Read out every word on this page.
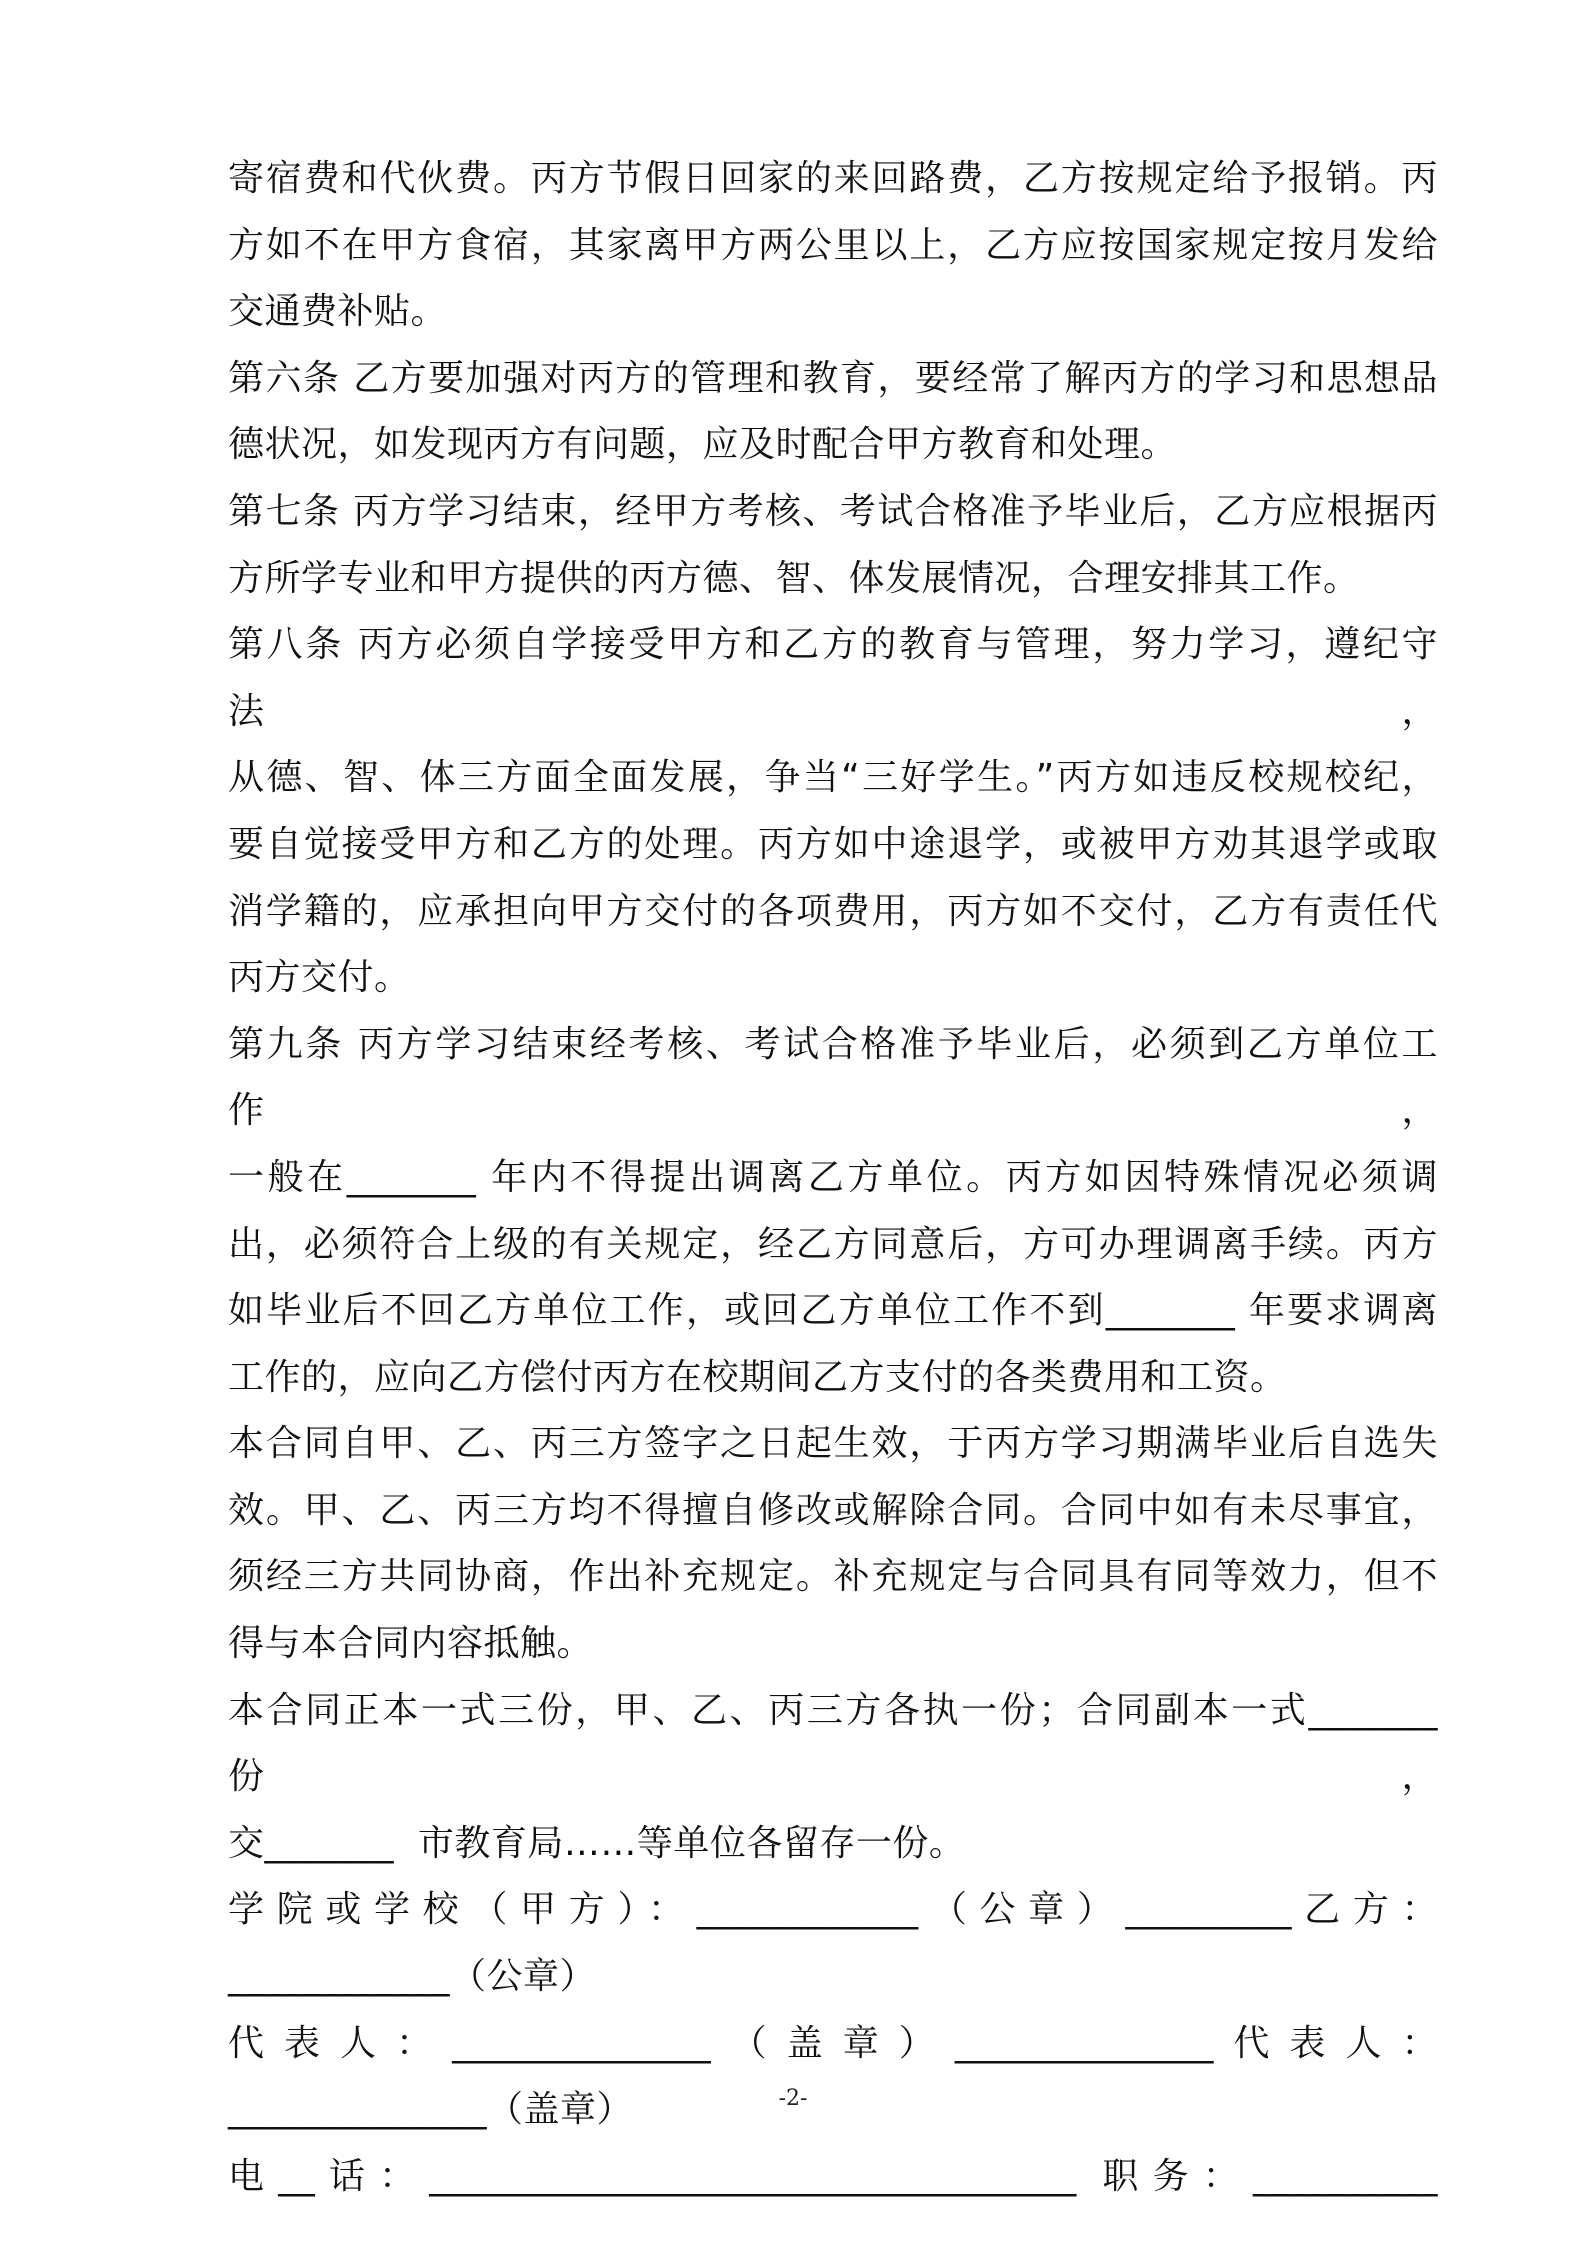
寄宿费和代伙费。丙方节假日回家的来回路费，乙方按规定给予报销。丙
方如不在甲方食宿，其家离甲方两公里以上，乙方应按国家规定按月发给
交通费补贴。

第六条 乙方要加强对丙方的管理和教育，要经常了解丙方的学习和思想品
德状况，如发现丙方有问题，应及时配合甲方教育和处理。

第七条 丙方学习结束，经甲方考核、考试合格准予毕业后，乙方应根据丙
方所学专业和甲方提供的丙方德、智、体发展情况，合理安排其工作。

第八条 丙方必须自学接受甲方和乙方的教育与管理，努力学习，遵纪守法，
从德、智、体三方面全面发展，争当“三好学生。”丙方如违反校规校纪，
要自觉接受甲方和乙方的处理。丙方如中途退学，或被甲方劝其退学或取
消学籍的，应承担向甲方交付的各项费用，丙方如不交付，乙方有责任代
丙方交付。

第九条 丙方学习结束经考核、考试合格准予毕业后，必须到乙方单位工作，
一般在_______ 年内不得提出调离乙方单位。丙方如因特殊情况必须调
出，必须符合上级的有关规定，经乙方同意后，方可办理调离手续。丙方
如毕业后不回乙方单位工作，或回乙方单位工作不到_______ 年要求调离
工作的，应向乙方偿付丙方在校期间乙方支付的各类费用和工资。

本合同自甲、乙、丙三方签字之日起生效，于丙方学习期满毕业后自选失
效。甲、乙、丙三方均不得擅自修改或解除合同。合同中如有未尽事宜，
须经三方共同协商，作出补充规定。补充规定与合同具有同等效力，但不
得与本合同内容抵触。

本合同正本一式三份，甲、乙、丙三方各执一份；合同副本一式_______ 份，
交_______  市教育局……等单位各留存一份。

学院或学校（甲方）：____________（公章）_________乙方：
____________（公章）

代表人：______________（盖章）______________代表人：
______________（盖章）

电__话：___________________________________ 职务：__________

-2-
